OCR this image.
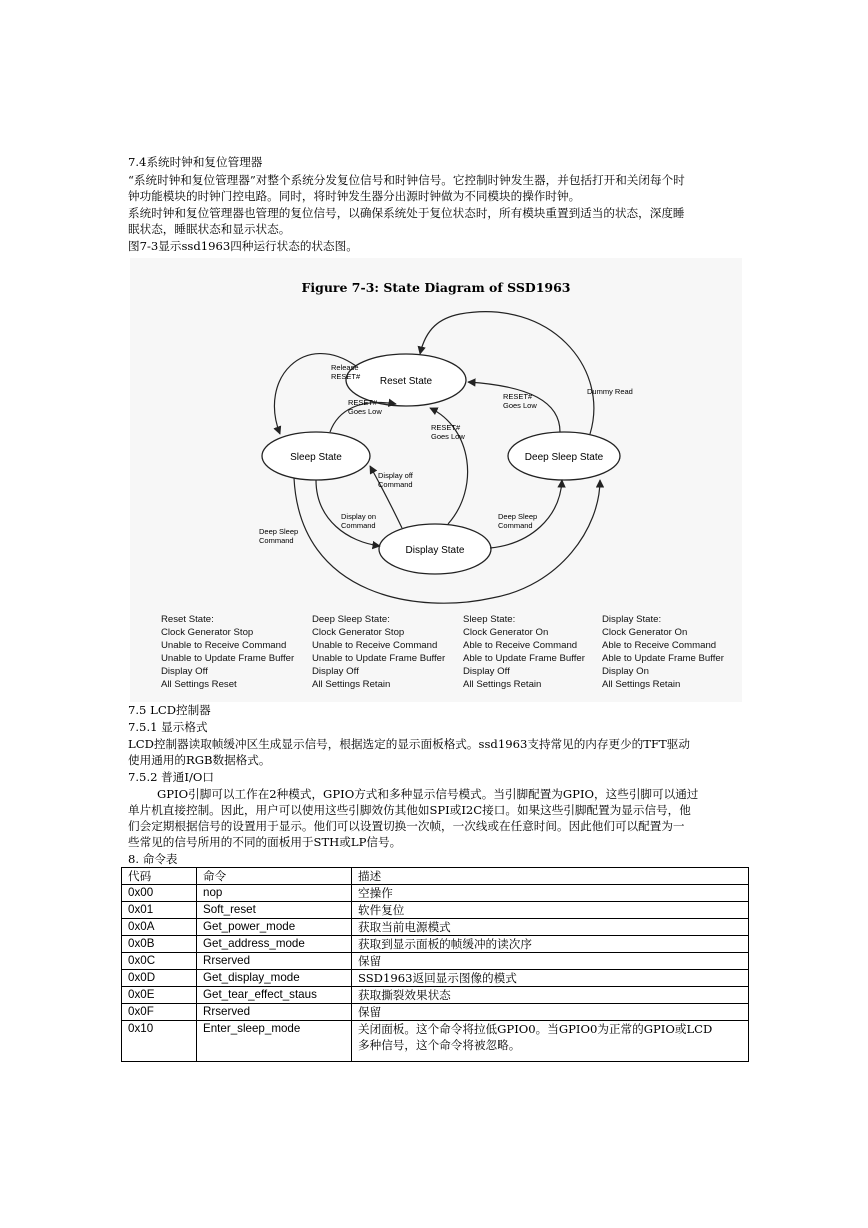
7.4系统时钟和复位管理器
“系统时钟和复位管理器”对整个系统分发复位信号和时钟信号。它控制时钟发生器，并包括打开和关闭每个时
钟功能模块的时钟门控电路。同时，将时钟发生器分出源时钟做为不同模块的操作时钟。
系统时钟和复位管理器也管理的复位信号，以确保系统处于复位状态时，所有模块重置到适当的状态，深度睡
眠状态，睡眠状态和显示状态。
图7-3显示ssd1963四种运行状态的状态图。
Figure 7-3: State Diagram of SSD1963
Reset State
Sleep State	Deep Sleep State
Display State
Release
RESET#
RESET#
Goes Low
RESET#
Goes Low
RESET#
Goes Low
Dummy Read
Display off
Command
Display on
Command
Deep Sleep
Command
Deep Sleep
Command
Reset State:
Clock Generator Stop
Unable to Receive Command
Unable to Update Frame Buffer
Display Off
All Settings Reset
Deep Sleep State:
Clock Generator Stop
Unable to Receive Command
Unable to Update Frame Buffer
Display Off
All Settings Retain
Sleep State:
Clock Generator On
Able to Receive Command
Able to Update Frame Buffer
Display Off
All Settings Retain
Display State:
Clock Generator On
Able to Receive Command
Able to Update Frame Buffer
Display On
All Settings Retain
7.5 LCD控制器
7.5.1 显示格式
LCD控制器读取帧缓冲区生成显示信号，根据选定的显示面板格式。ssd1963支持常见的内存更少的TFT驱动
使用通用的RGB数据格式。
7.5.2 普通I/O口
GPIO引脚可以工作在2种模式，GPIO方式和多种显示信号模式。当引脚配置为GPIO，这些引脚可以通过
单片机直接控制。因此，用户可以使用这些引脚效仿其他如SPI或I2C接口。如果这些引脚配置为显示信号，他
们会定期根据信号的设置用于显示。他们可以设置切换一次帧，一次线或在任意时间。因此他们可以配置为一
些常见的信号所用的不同的面板用于STH或LP信号。
8. 命令表
代码	命令	描述
0x00	nop	空操作
0x01	Soft_reset	软件复位
0x0A	Get_power_mode	获取当前电源模式
0x0B	Get_address_mode	获取到显示面板的帧缓冲的读次序
0x0C	Rrserved	保留
0x0D	Get_display_mode	SSD1963返回显示图像的模式
0x0E	Get_tear_effect_staus	获取撕裂效果状态
0x0F	Rrserved	保留
0x10	Enter_sleep_mode	关闭面板。这个命令将拉低GPIO0。当GPIO0为正常的GPIO或LCD
多种信号，这个命令将被忽略。
